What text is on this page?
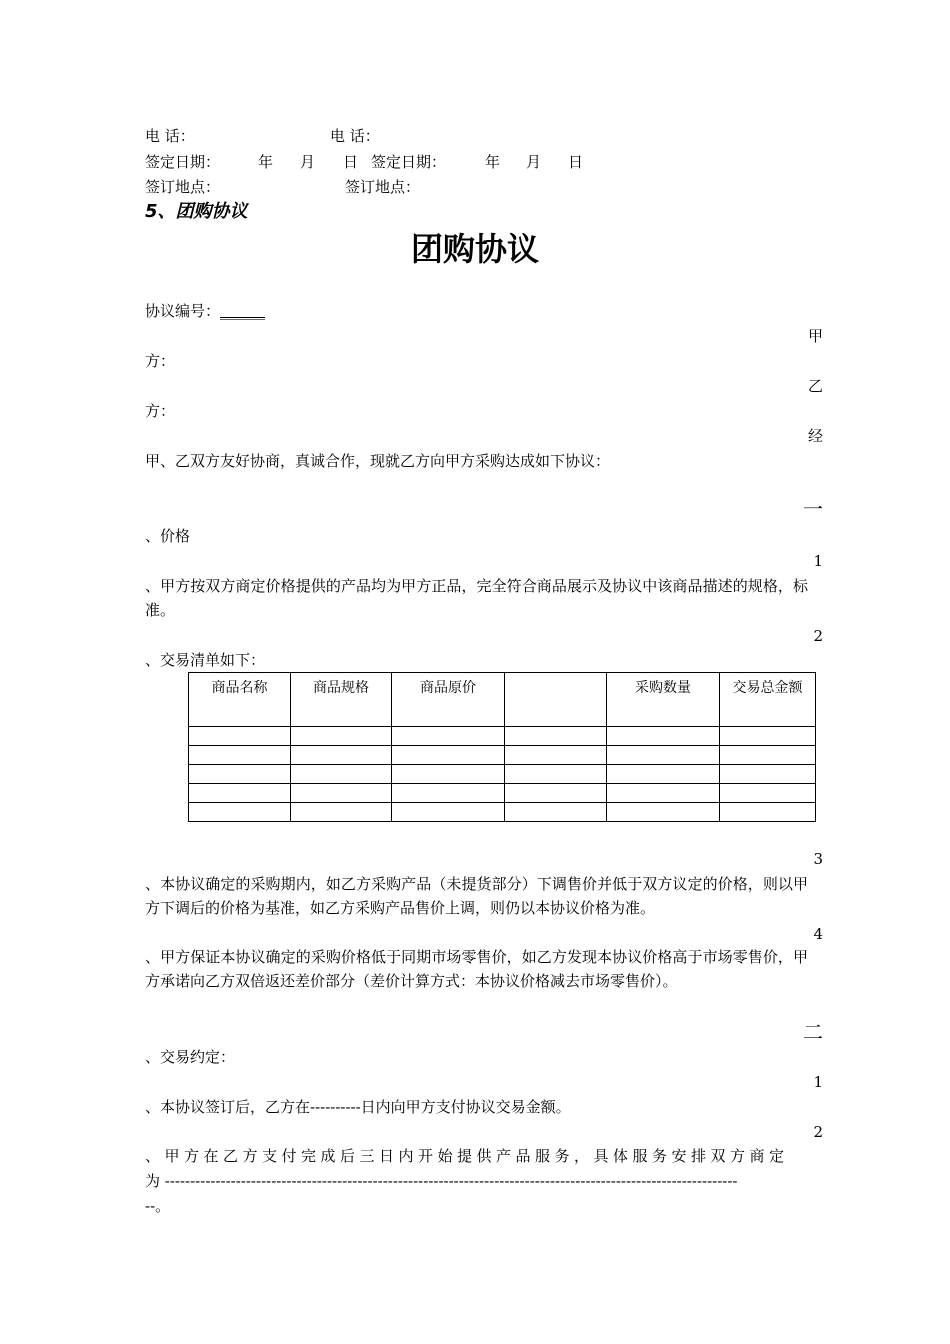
电 话：	电 话：
签定日期：	年 月 日 签定日期：	年 月 日
签订地点：	签订地点：
5、团购协议
团购协议
协议编号：______
甲
方：
乙
方：
经
甲、乙双方友好协商，真诚合作，现就乙方向甲方采购达成如下协议：
一
、价格
1
、甲方按双方商定价格提供的产品均为甲方正品，完全符合商品展示及协议中该商品描述的规格，标准。
2
、交易清单如下：
商品名称	商品规格	商品原价		采购数量	交易总金额

3
、本协议确定的采购期内，如乙方采购产品（未提货部分）下调售价并低于双方议定的价格，则以甲方下调后的价格为基准，如乙方采购产品售价上调，则仍以本协议价格为准。
4
、甲方保证本协议确定的采购价格低于同期市场零售价，如乙方发现本协议价格高于市场零售价，甲方承诺向乙方双倍返还差价部分（差价计算方式：本协议价格减去市场零售价）。
二
、交易约定：
1
、本协议签订后，乙方在----------日内向甲方支付协议交易金额。
2
、甲方在乙方支付完成后三日内开始提供产品服务，具体服务安排双方商定
为 -----------------------------------------------------------------------------------------------------------------
--。
